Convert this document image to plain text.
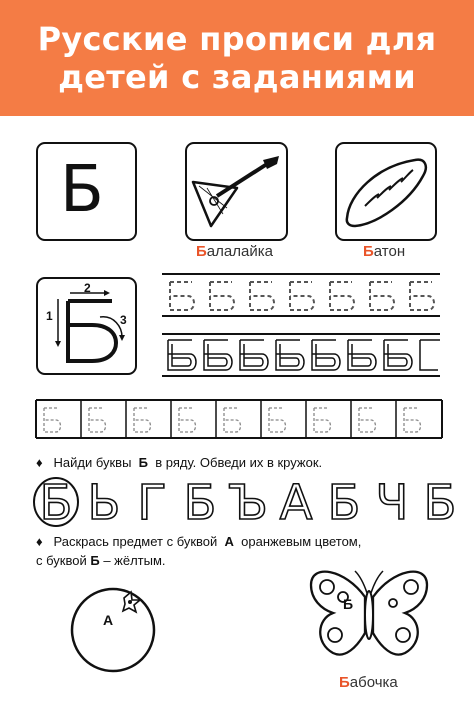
Русские прописи для
детей с заданиями
Б
Балалайка	Батон
1
2
3
♦ Найди буквы Б в ряду. Обведи их в кружок.
Б Ь Г Б Ъ А Б Ч Б
♦ Раскрась предмет с буквой А оранжевым цветом,
с буквой Б – жёлтым.
А
Б
Бабочка
